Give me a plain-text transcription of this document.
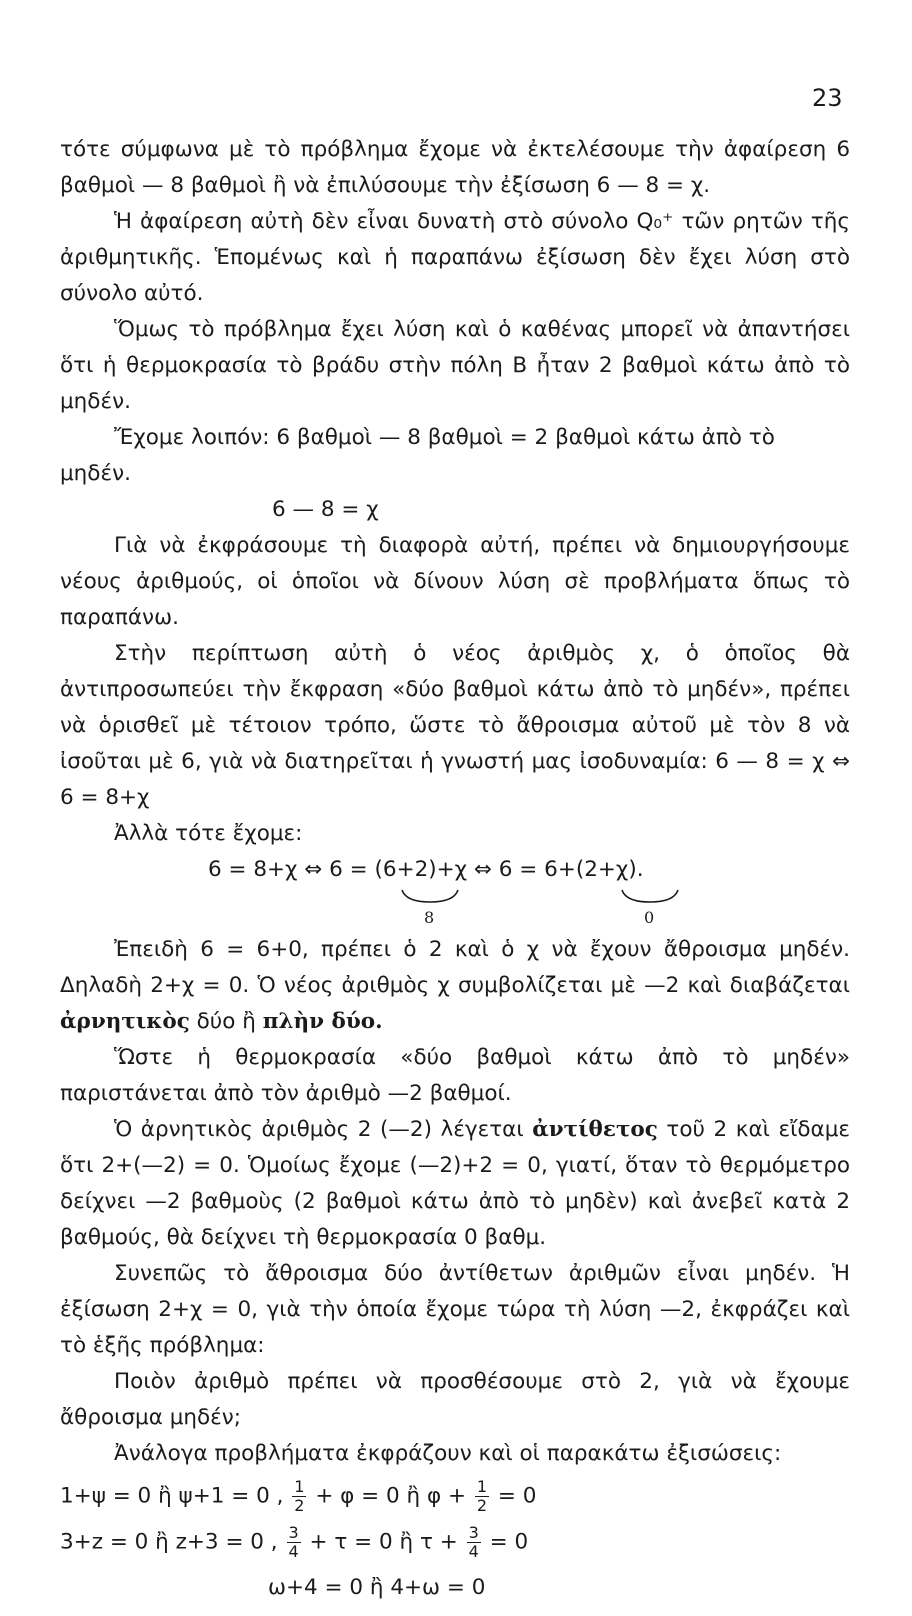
23

τότε σύμφωνα μὲ τὸ πρόβλημα ἔχομε νὰ ἐκτελέσουμε τὴν ἀφαίρεση 6 βαθμοὶ — 8 βαθμοὶ ἢ νὰ ἐπιλύσουμε τὴν ἐξίσωση 6 — 8 = χ.

Ἡ ἀφαίρεση αὐτὴ δὲν εἶναι δυνατὴ στὸ σύνολο Q₀⁺ τῶν ρητῶν τῆς ἀριθμητικῆς. Ἑπομένως καὶ ἡ παραπάνω ἐξίσωση δὲν ἔχει λύση στὸ σύνολο αὐτό.

Ὅμως τὸ πρόβλημα ἔχει λύση καὶ ὁ καθένας μπορεῖ νὰ ἀπαντήσει ὅτι ἡ θερμοκρασία τὸ βράδυ στὴν πόλη Β ἦταν 2 βαθμοὶ κάτω ἀπὸ τὸ μηδέν.

Ἔχομε λοιπόν: 6 βαθμοὶ — 8 βαθμοὶ = 2 βαθμοὶ κάτω ἀπὸ τὸ μηδέν.

6 — 8 = χ

Γιὰ νὰ ἐκφράσουμε τὴ διαφορὰ αὐτή, πρέπει νὰ δημιουργήσουμε νέους ἀριθμούς, οἱ ὁποῖοι νὰ δίνουν λύση σὲ προβλήματα ὅπως τὸ παραπάνω.

Στὴν περίπτωση αὐτὴ ὁ νέος ἀριθμὸς χ, ὁ ὁποῖος θὰ ἀντιπροσωπεύει τὴν ἔκφραση «δύο βαθμοὶ κάτω ἀπὸ τὸ μηδέν», πρέπει νὰ ὁρισθεῖ μὲ τέτοιον τρόπο, ὥστε τὸ ἄθροισμα αὐτοῦ μὲ τὸν 8 νὰ ἰσοῦται μὲ 6, γιὰ νὰ διατηρεῖται ἡ γνωστή μας ἰσοδυναμία: 6 — 8 = χ ⇔ 6 = 8+χ

Ἀλλὰ τότε ἔχομε:

6 = 8+χ ⇔ 6 = (6+2)+χ ⇔ 6 = 6+(2+χ).
8	0

Ἐπειδὴ 6 = 6+0, πρέπει ὁ 2 καὶ ὁ χ νὰ ἔχουν ἄθροισμα μηδέν. Δηλαδὴ 2+χ = 0. Ὁ νέος ἀριθμὸς χ συμβολίζεται μὲ —2 καὶ διαβάζεται ἀρνητικὸς δύο ἢ πλὴν δύο.

Ὥστε ἡ θερμοκρασία «δύο βαθμοὶ κάτω ἀπὸ τὸ μηδέν» παριστάνεται ἀπὸ τὸν ἀριθμὸ —2 βαθμοί.

Ὁ ἀρνητικὸς ἀριθμὸς 2 (—2) λέγεται ἀντίθετος τοῦ 2 καὶ εἴδαμε ὅτι 2+(—2) = 0. Ὁμοίως ἔχομε (—2)+2 = 0, γιατί, ὅταν τὸ θερμόμετρο δείχνει —2 βαθμοὺς (2 βαθμοὶ κάτω ἀπὸ τὸ μηδὲν) καὶ ἀνεβεῖ κατὰ 2 βαθμούς, θὰ δείχνει τὴ θερμοκρασία 0 βαθμ.

Συνεπῶς τὸ ἄθροισμα δύο ἀντίθετων ἀριθμῶν εἶναι μηδέν. Ἡ ἐξίσωση 2+χ = 0, γιὰ τὴν ὁποία ἔχομε τώρα τὴ λύση —2, ἐκφράζει καὶ τὸ ἑξῆς πρόβλημα:

Ποιὸν ἀριθμὸ πρέπει νὰ προσθέσουμε στὸ 2, γιὰ νὰ ἔχουμε ἄθροισμα μηδέν;

Ἀνάλογα προβλήματα ἐκφράζουν καὶ οἱ παρακάτω ἐξισώσεις:

1+ψ = 0 ἢ ψ+1 = 0 , $\frac{1}{2} + \varphi = 0$ ἢ $\varphi + \frac{1}{2} = 0$
3+z = 0 ἢ z+3 = 0 , $\frac{3}{4} + \tau = 0$ ἢ $\tau + \frac{3}{4} = 0$
ω+4 = 0 ἢ 4+ω = 0
